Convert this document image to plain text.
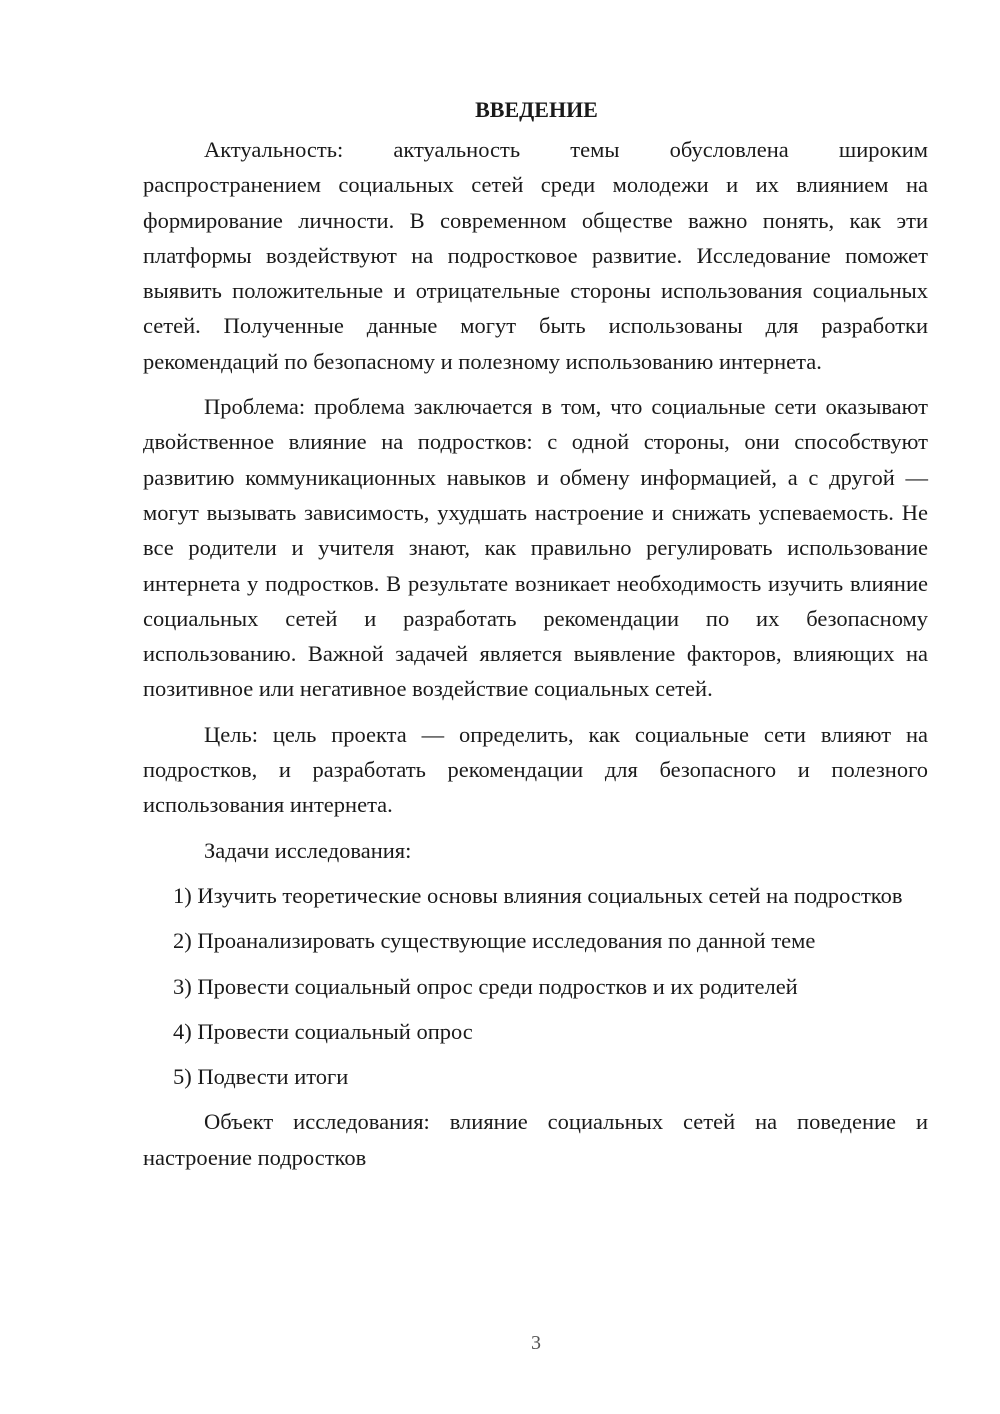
ВВЕДЕНИЕ

Актуальность: актуальность темы обусловлена широким распространением социальных сетей среди молодежи и их влиянием на формирование личности. В современном обществе важно понять, как эти платформы воздействуют на подростковое развитие. Исследование поможет выявить положительные и отрицательные стороны использования социальных сетей. Полученные данные могут быть использованы для разработки рекомендаций по безопасному и полезному использованию интернета.

Проблема: проблема заключается в том, что социальные сети оказывают двойственное влияние на подростков: с одной стороны, они способствуют развитию коммуникационных навыков и обмену информацией, а с другой — могут вызывать зависимость, ухудшать настроение и снижать успеваемость. Не все родители и учителя знают, как правильно регулировать использование интернета у подростков. В результате возникает необходимость изучить влияние социальных сетей и разработать рекомендации по их безопасному использованию. Важной задачей является выявление факторов, влияющих на позитивное или негативное воздействие социальных сетей.

Цель: цель проекта — определить, как социальные сети влияют на подростков, и разработать рекомендации для безопасного и полезного использования интернета.

Задачи исследования:

1) Изучить теоретические основы влияния социальных сетей на подростков

2) Проанализировать существующие исследования по данной теме

3) Провести социальный опрос среди подростков и их родителей

4) Провести социальный опрос

5) Подвести итоги

Объект исследования: влияние социальных сетей на поведение и настроение подростков

3
